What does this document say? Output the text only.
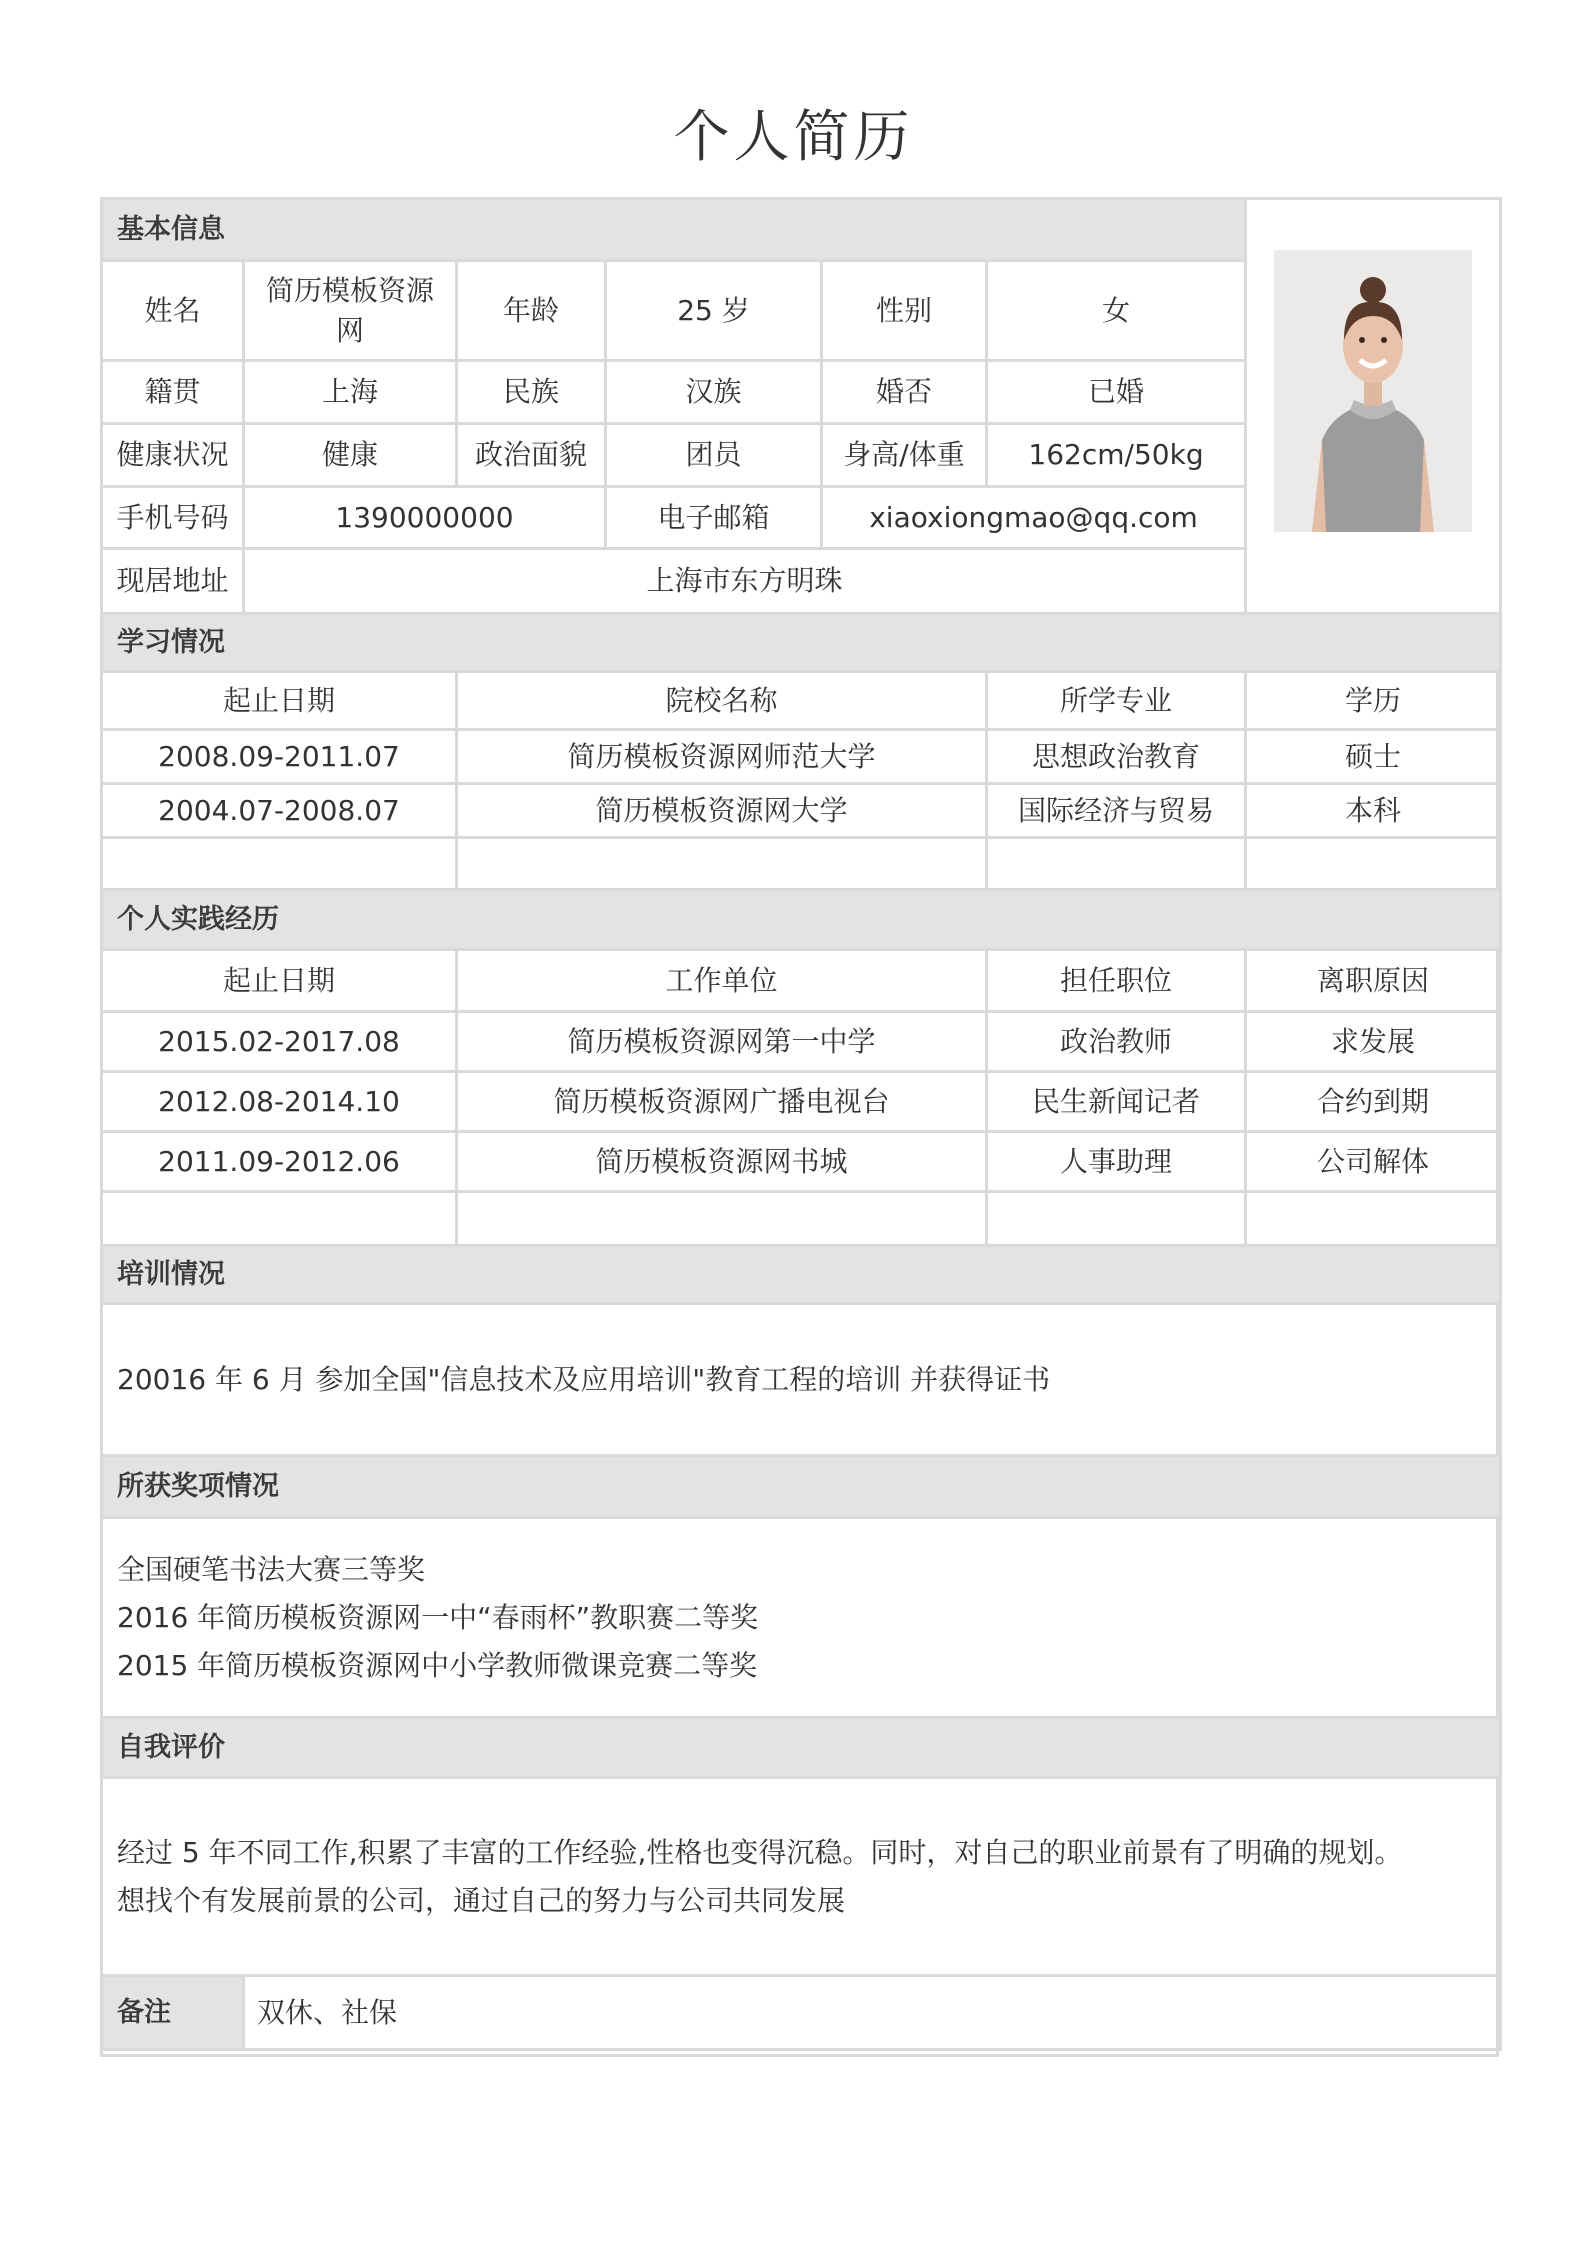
个人简历
基本信息	

姓名	简历模板资源网	年龄	25 岁	性别	女	
籍贯	上海	民族	汉族	婚否	已婚	
健康状况	健康	政治面貌	团员	身高/体重	162cm/50kg	
手机号码	1390000000		电子邮箱	xiaoxiongmao@qq.com		
现居地址	上海市东方明珠					
学习情况						
起止日期		院校名称			所学专业	学历
2008.09-2011.07		简历模板资源网师范大学			思想政治教育	硕士
2004.07-2008.07		简历模板资源网大学			国际经济与贸易	本科

个人实践经历						
起止日期		工作单位			担任职位	离职原因
2015.02-2017.08		简历模板资源网第一中学			政治教师	求发展
2012.08-2014.10		简历模板资源网广播电视台			民生新闻记者	合约到期
2011.09-2012.06		简历模板资源网书城			人事助理	公司解体

培训情况						
20016 年 6 月 参加全国"信息技术及应用培训"教育工程的培训 并获得证书						
所获奖项情况						

全国硬笔书法大赛三等奖
2016 年简历模板资源网一中“春雨杯”教职赛二等奖
2015 年简历模板资源网中小学教师微课竞赛二等奖						

自我评价						

经过 5 年不同工作,积累了丰富的工作经验,性格也变得沉稳。同时，对自己的职业前景有了明确的规划。
想找个有发展前景的公司，通过自己的努力与公司共同发展						

备注	双休、社保					
